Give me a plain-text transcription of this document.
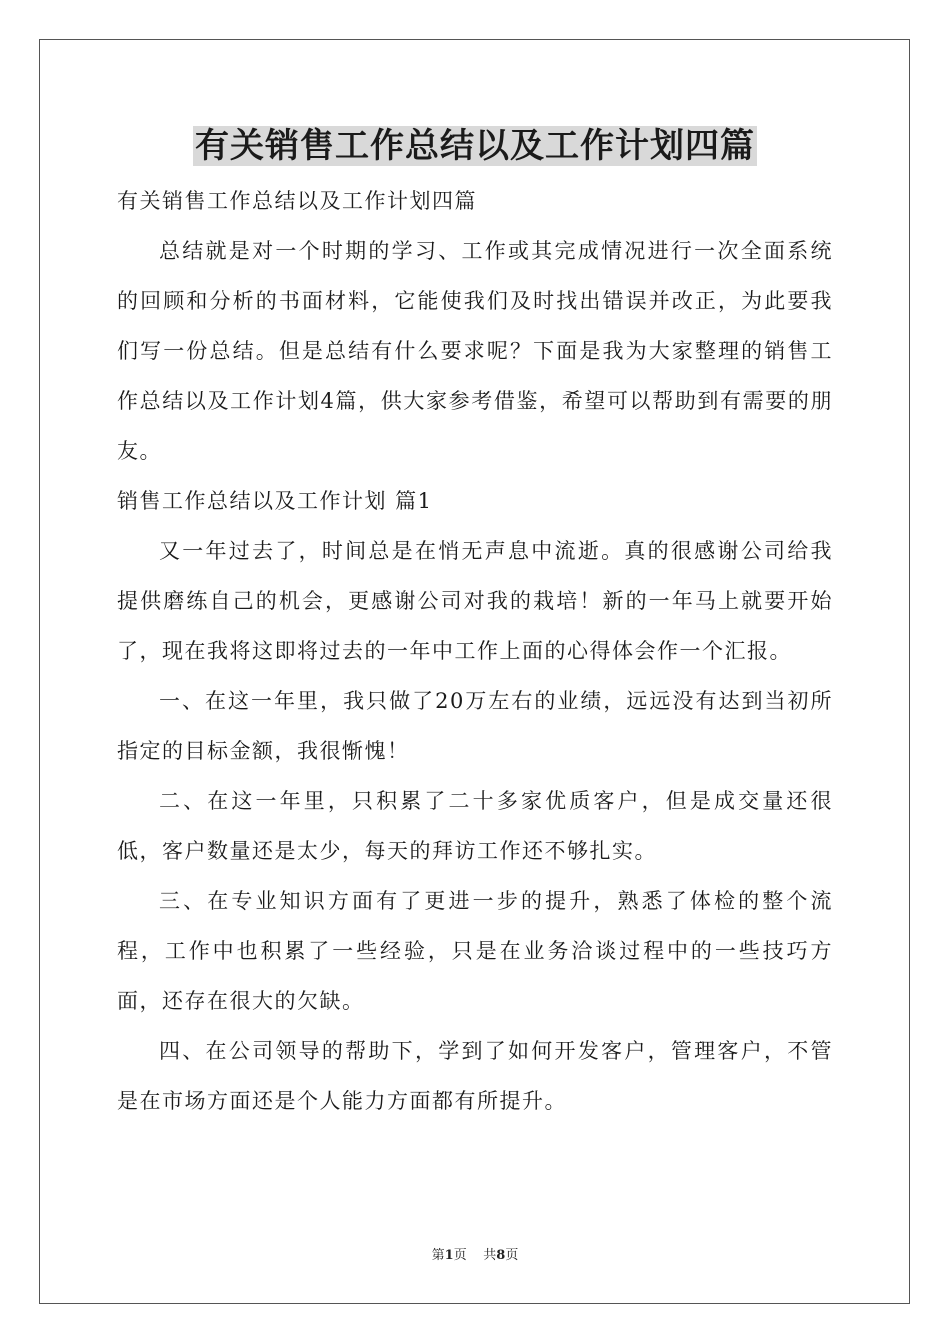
有关销售工作总结以及工作计划四篇

有关销售工作总结以及工作计划四篇

总结就是对一个时期的学习、工作或其完成情况进行一次全面系统的回顾和分析的书面材料，它能使我们及时找出错误并改正，为此要我们写一份总结。但是总结有什么要求呢？下面是我为大家整理的销售工作总结以及工作计划4篇，供大家参考借鉴，希望可以帮助到有需要的朋友。

销售工作总结以及工作计划 篇1

又一年过去了，时间总是在悄无声息中流逝。真的很感谢公司给我提供磨练自己的机会，更感谢公司对我的栽培！新的一年马上就要开始了，现在我将这即将过去的一年中工作上面的心得体会作一个汇报。

一、在这一年里，我只做了20万左右的业绩，远远没有达到当初所指定的目标金额，我很惭愧！

二、在这一年里，只积累了二十多家优质客户，但是成交量还很低，客户数量还是太少，每天的拜访工作还不够扎实。

三、在专业知识方面有了更进一步的提升，熟悉了体检的整个流程，工作中也积累了一些经验，只是在业务洽谈过程中的一些技巧方面，还存在很大的欠缺。

四、在公司领导的帮助下，学到了如何开发客户，管理客户，不管是在市场方面还是个人能力方面都有所提升。

第1页 共8页
